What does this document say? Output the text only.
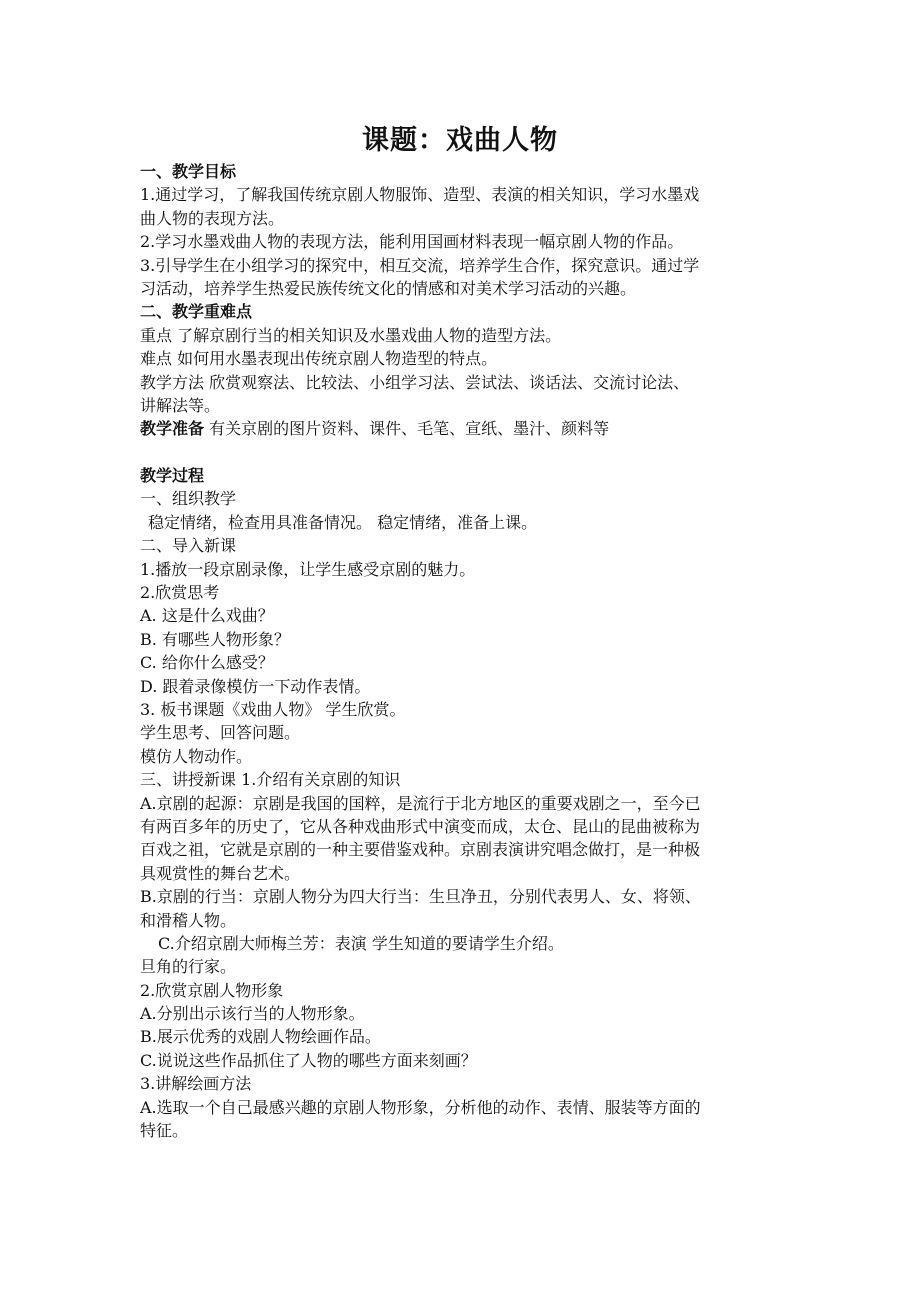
课题：戏曲人物
一、教学目标
1.通过学习，了解我国传统京剧人物服饰、造型、表演的相关知识，学习水墨戏
曲人物的表现方法。
2.学习水墨戏曲人物的表现方法，能利用国画材料表现一幅京剧人物的作品。
3.引导学生在小组学习的探究中，相互交流，培养学生合作，探究意识。通过学
习活动，培养学生热爱民族传统文化的情感和对美术学习活动的兴趣。
二、教学重难点
重点 了解京剧行当的相关知识及水墨戏曲人物的造型方法。
难点 如何用水墨表现出传统京剧人物造型的特点。
教学方法 欣赏观察法、比较法、小组学习法、尝试法、谈话法、交流讨论法、
讲解法等。
教学准备 有关京剧的图片资料、课件、毛笔、宣纸、墨汁、颜料等
教学过程
一、组织教学
稳定情绪，检查用具准备情况。 稳定情绪，准备上课。
二、导入新课
1.播放一段京剧录像，让学生感受京剧的魅力。
2.欣赏思考
A. 这是什么戏曲？
B. 有哪些人物形象？
C. 给你什么感受？
D. 跟着录像模仿一下动作表情。
3. 板书课题《戏曲人物》 学生欣赏。
学生思考、回答问题。
模仿人物动作。
三、讲授新课 1.介绍有关京剧的知识
A.京剧的起源：京剧是我国的国粹，是流行于北方地区的重要戏剧之一，至今已
有两百多年的历史了，它从各种戏曲形式中演变而成，太仓、昆山的昆曲被称为
百戏之祖，它就是京剧的一种主要借鉴戏种。京剧表演讲究唱念做打，是一种极
具观赏性的舞台艺术。
B.京剧的行当：京剧人物分为四大行当：生旦净丑，分别代表男人、女、将领、
和滑稽人物。
C.介绍京剧大师梅兰芳：表演 学生知道的要请学生介绍。
旦角的行家。
2.欣赏京剧人物形象
A.分别出示该行当的人物形象。
B.展示优秀的戏剧人物绘画作品。
C.说说这些作品抓住了人物的哪些方面来刻画？
3.讲解绘画方法
A.选取一个自己最感兴趣的京剧人物形象，分析他的动作、表情、服装等方面的
特征。
